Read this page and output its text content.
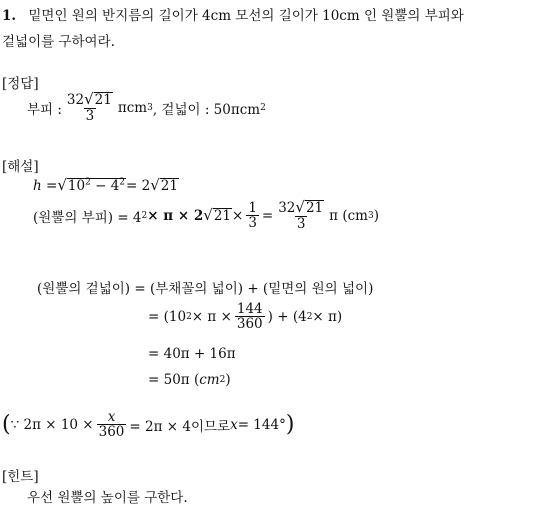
1. 밑면인 원의 반지름의 길이가 4cm 모선의 길이가 10cm 인 원뿔의 부피와
겉넓이를 구하여라.
[정답]
부피 : $\frac{32 √ 21}{3}$ πcm 3 , 겉넓이 : 50πcm 2
[해설]
h = √ $10^2 - 4^2 = 2$ √ 21
(원뿔의 부피) = 4 2 × π × 2 √ $21 \times \frac{1}{3} = \frac{32 √ 21}{3}$ π (cm 3 )
(원뿔의 겉넓이) = (부채꼴의 넓이) + (밑면의 원의 넓이)
= (10 $2 \times \pi \times \frac{144}{360}$ ) + (4 2 × π)
= 40π + 16π
= 50π ( cm 2 )
( ∵ $2\pi \times 10 \times \frac{x}{360} = 2\pi \times 4$이므로 x = 144° )
[힌트]
우선 원뿔의 높이를 구한다.
